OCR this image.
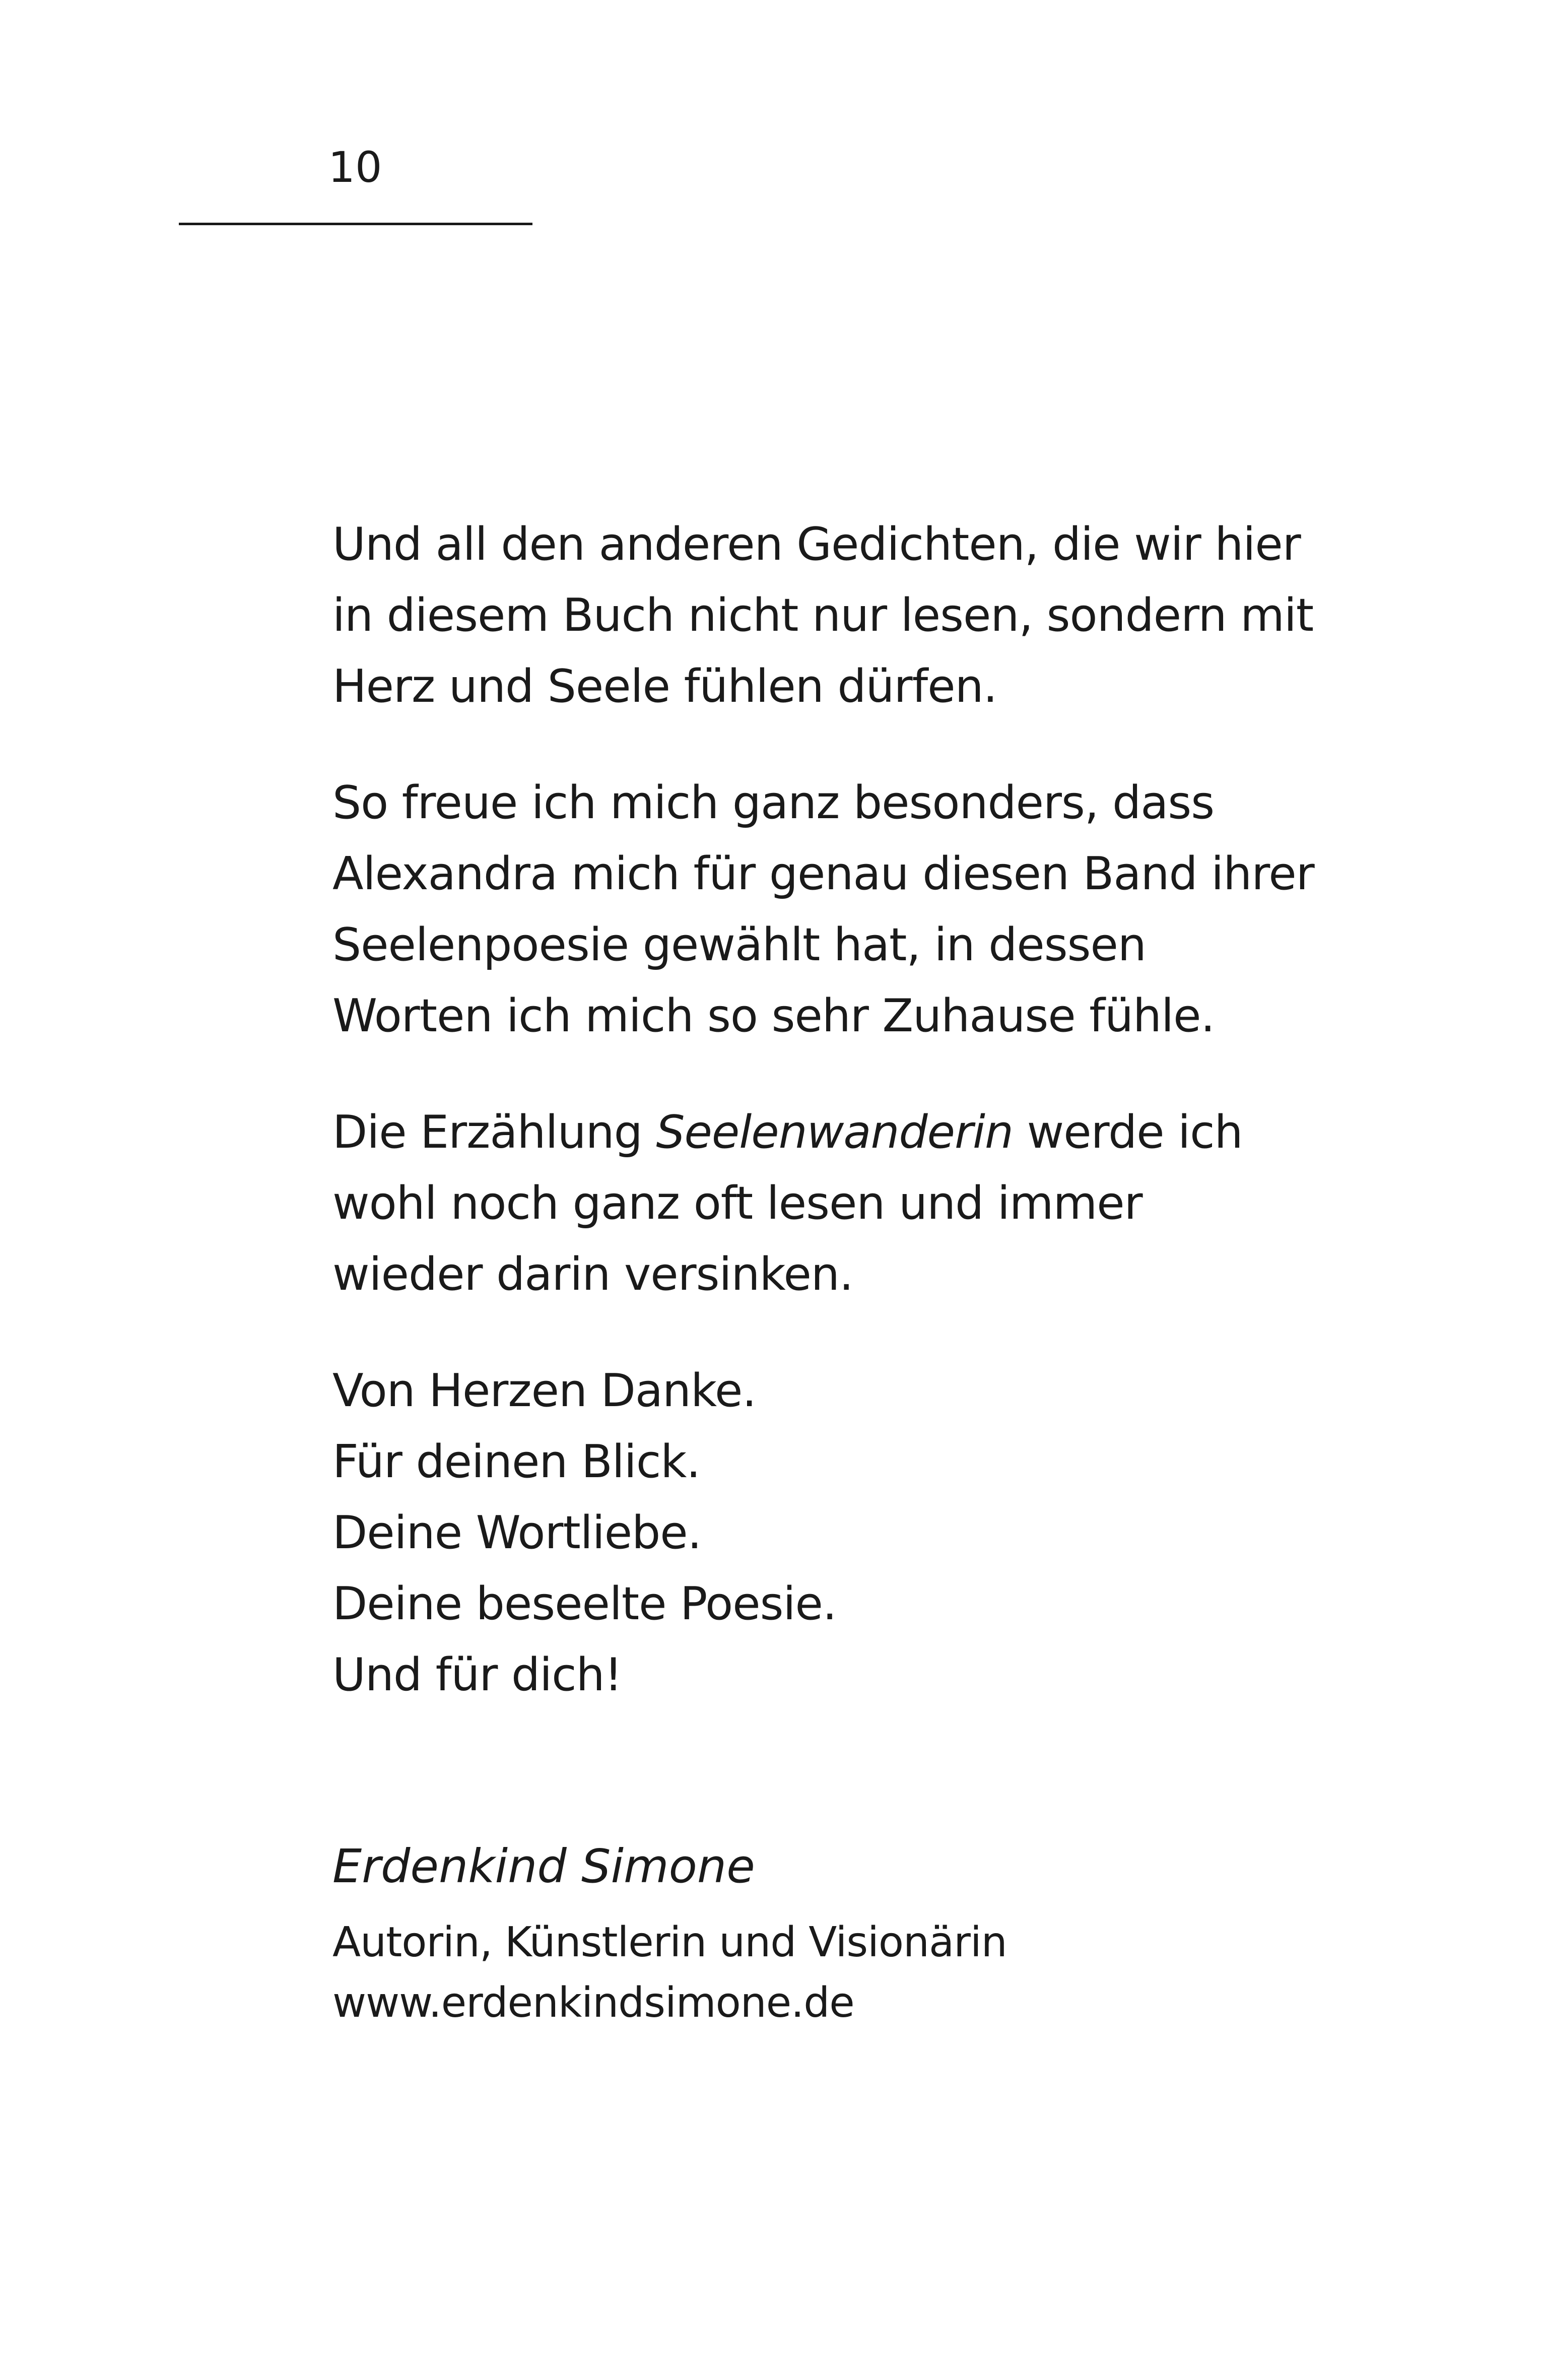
10

Und all den anderen Gedichten, die wir hier
in diesem Buch nicht nur lesen, sondern mit
Herz und Seele fühlen dürfen.

So freue ich mich ganz besonders, dass
Alexandra mich für genau diesen Band ihrer
Seelenpoesie gewählt hat, in dessen
Worten ich mich so sehr Zuhause fühle.

Die Erzählung Seelenwanderin werde ich
wohl noch ganz oft lesen und immer
wieder darin versinken.

Von Herzen Danke.
Für deinen Blick.
Deine Wortliebe.
Deine beseelte Poesie.
Und für dich!

Erdenkind Simone
Autorin, Künstlerin und Visionärin
www.erdenkindsimone.de
